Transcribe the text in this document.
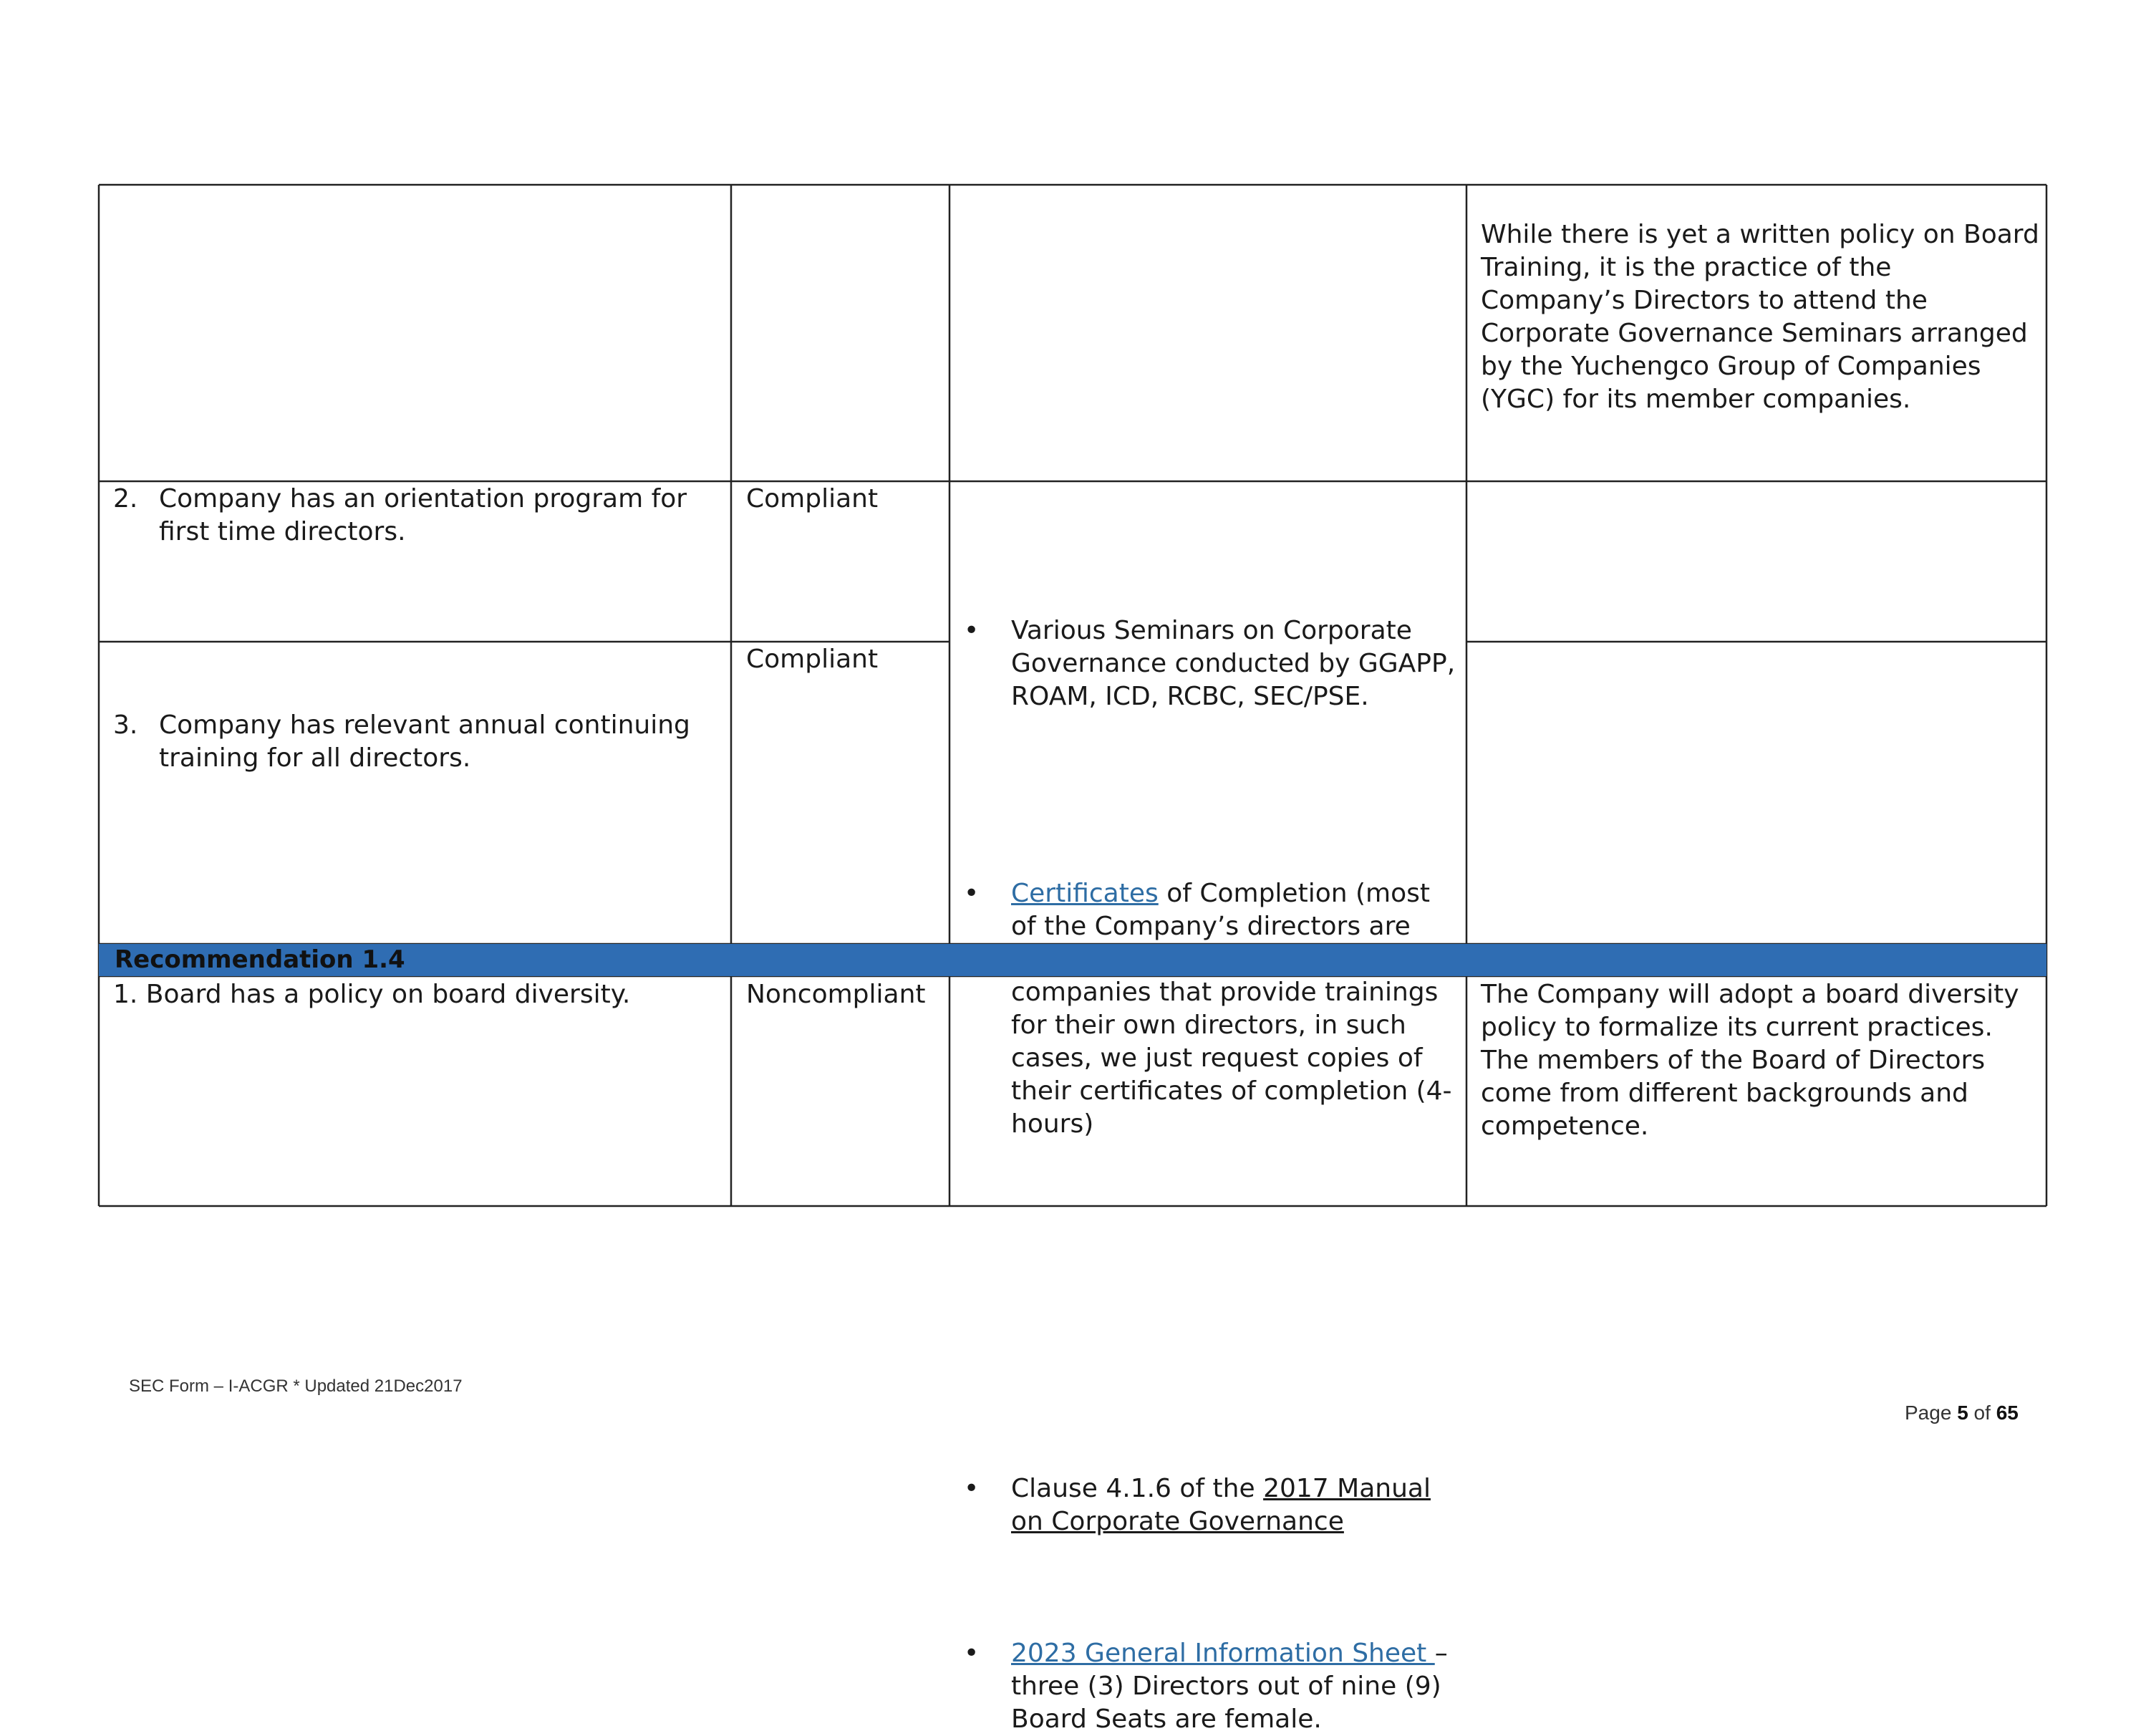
While there is yet a written policy on Board Training, it is the practice of the Company’s Directors to attend the Corporate Governance Seminars arranged by the Yuchengco Group of Companies (YGC) for its member companies.
2. Company has an orientation program for first time directors.
Compliant
3. Company has relevant annual continuing training for all directors.
Compliant
• Various Seminars on Corporate Governance conducted by GGAPP, ROAM, ICD, RCBC, SEC/PSE.
• Certificates of Completion (most of the Company’s directors are companies that provide trainings for their own directors, in such cases, we just request copies of their certificates of completion (4-hours)
Recommendation 1.4
1. Board has a policy on board diversity.	Noncompliant
• Clause 4.1.6 of the 2017 Manual on Corporate Governance
• 2023 General Information Sheet – three (3) Directors out of nine (9) Board Seats are female.
The Company will adopt a board diversity policy to formalize its current practices. The members of the Board of Directors come from different backgrounds and competence.
SEC Form – I-ACGR * Updated 21Dec2017
Page 5 of 65
